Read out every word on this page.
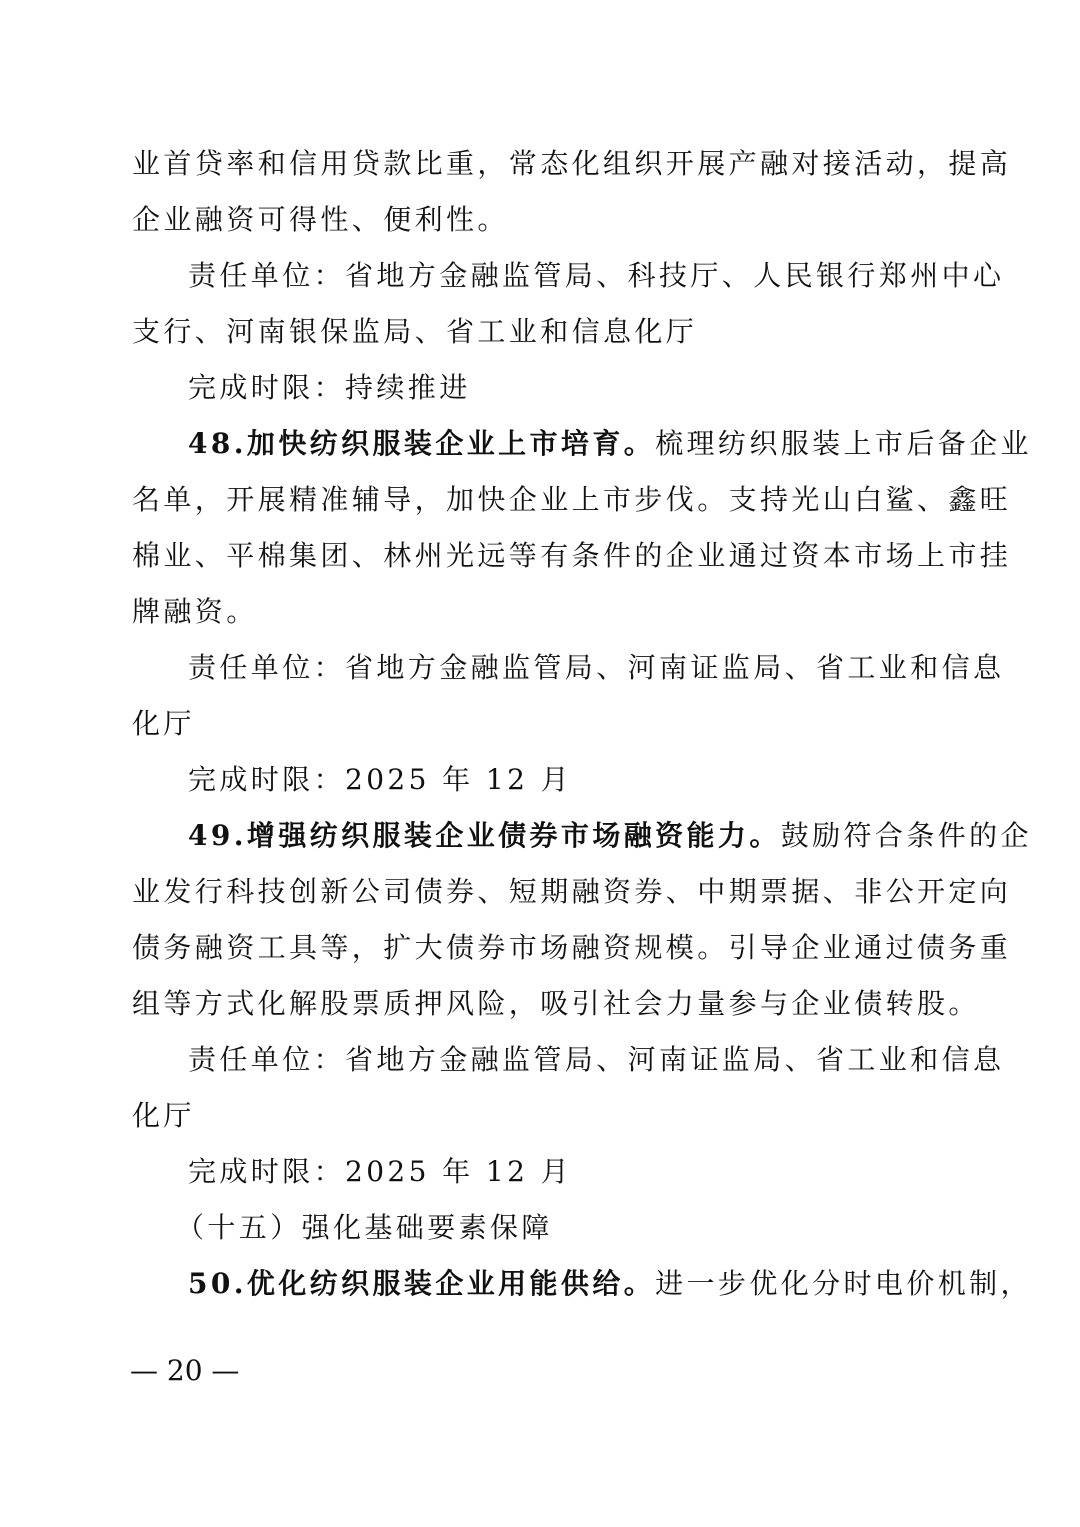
业首贷率和信用贷款比重，常态化组织开展产融对接活动，提高
企业融资可得性、便利性。
责任单位：省地方金融监管局、科技厅、人民银行郑州中心
支行、河南银保监局、省工业和信息化厅
完成时限：持续推进
48.加快纺织服装企业上市培育。梳理纺织服装上市后备企业
名单，开展精准辅导，加快企业上市步伐。支持光山白鲨、鑫旺
棉业、平棉集团、林州光远等有条件的企业通过资本市场上市挂
牌融资。
责任单位：省地方金融监管局、河南证监局、省工业和信息
化厅
完成时限：2025 年 12 月
49.增强纺织服装企业债券市场融资能力。鼓励符合条件的企
业发行科技创新公司债券、短期融资券、中期票据、非公开定向
债务融资工具等，扩大债券市场融资规模。引导企业通过债务重
组等方式化解股票质押风险，吸引社会力量参与企业债转股。
责任单位：省地方金融监管局、河南证监局、省工业和信息
化厅
完成时限：2025 年 12 月
（十五）强化基础要素保障
50.优化纺织服装企业用能供给。进一步优化分时电价机制，
— 20 —
